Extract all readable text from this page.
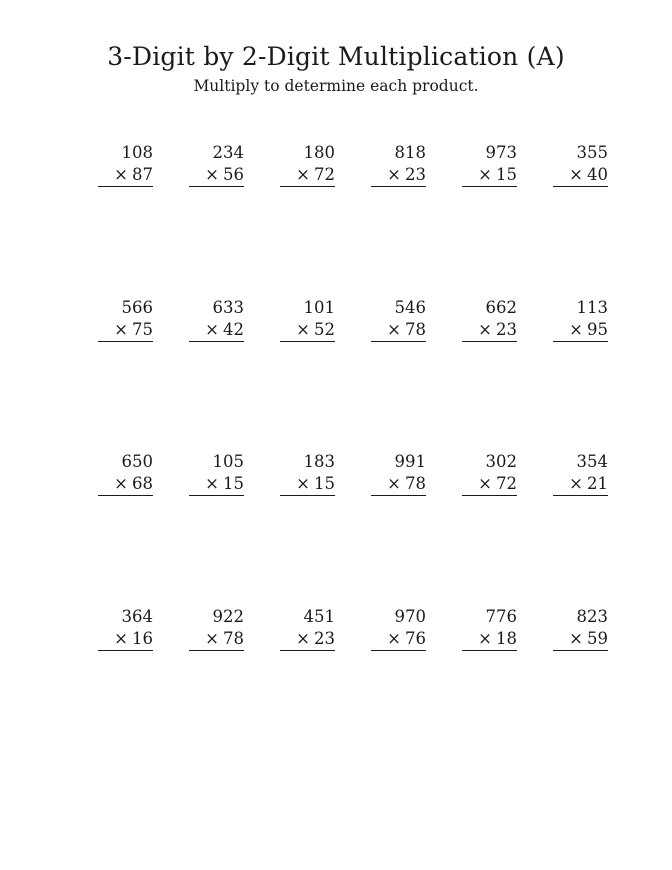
3-Digit by 2-Digit Multiplication (A)

Multiply to determine each product.

108
× 87
234
× 56
180
× 72
818
× 23
973
× 15
355
× 40
566
× 75
633
× 42
101
× 52
546
× 78
662
× 23
113
× 95
650
× 68
105
× 15
183
× 15
991
× 78
302
× 72
354
× 21
364
× 16
922
× 78
451
× 23
970
× 76
776
× 18
823
× 59
